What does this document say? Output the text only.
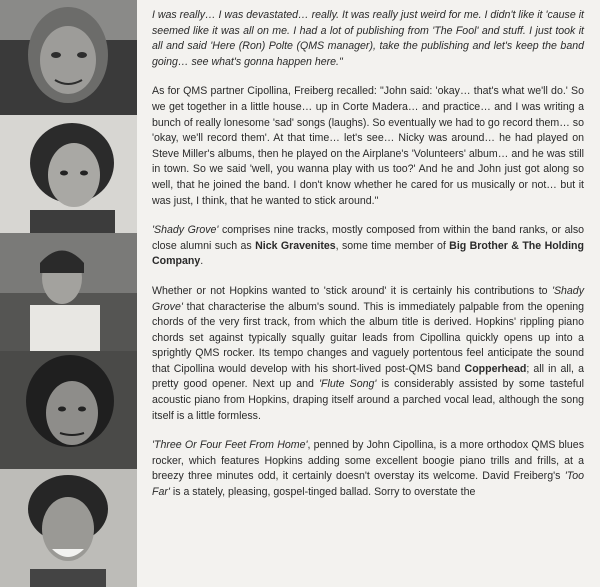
I was really… I was devastated… really. It was really just weird for me. I didn't like it 'cause it seemed like it was all on me. I had a lot of publishing from 'The Fool' and stuff. I just took it all and said 'Here (Ron) Polte (QMS manager), take the publishing and let's keep the band going… see what's gonna happen here."

As for QMS partner Cipollina, Freiberg recalled: "John said: 'okay… that's what we'll do.' So we get together in a little house… up in Corte Madera… and practice… and I was writing a bunch of really lonesome 'sad' songs (laughs). So eventually we had to go record them… so 'okay, we'll record them'. At that time… let's see… Nicky was around… he had played on Steve Miller's albums, then he played on the Airplane's 'Volunteers' album… and he was still in town. So we said 'well, you wanna play with us too?' And he and John just got along so well, that he joined the band. I don't know whether he cared for us musically or not… but it was just, I think, that he wanted to stick around."

'Shady Grove' comprises nine tracks, mostly composed from within the band ranks, or also close alumni such as Nick Gravenites, some time member of Big Brother & The Holding Company.

Whether or not Hopkins wanted to 'stick around' it is certainly his contributions to 'Shady Grove' that characterise the album's sound. This is immediately palpable from the opening chords of the very first track, from which the album title is derived. Hopkins' rippling piano chords set against typically squally guitar leads from Cipollina quickly opens up into a sprightly QMS rocker. Its tempo changes and vaguely portentous feel anticipate the sound that Cipollina would develop with his short-lived post-QMS band Copperhead; all in all, a pretty good opener. Next up and 'Flute Song' is considerably assisted by some tasteful acoustic piano from Hopkins, draping itself around a parched vocal lead, although the song itself is a little formless.

'Three Or Four Feet From Home', penned by John Cipollina, is a more orthodox QMS blues rocker, which features Hopkins adding some excellent boogie piano trills and frills, at a breezy three minutes odd, it certainly doesn't overstay its welcome. David Freiberg's 'Too Far' is a stately, pleasing, gospel-tinged ballad. Sorry to overstate the
